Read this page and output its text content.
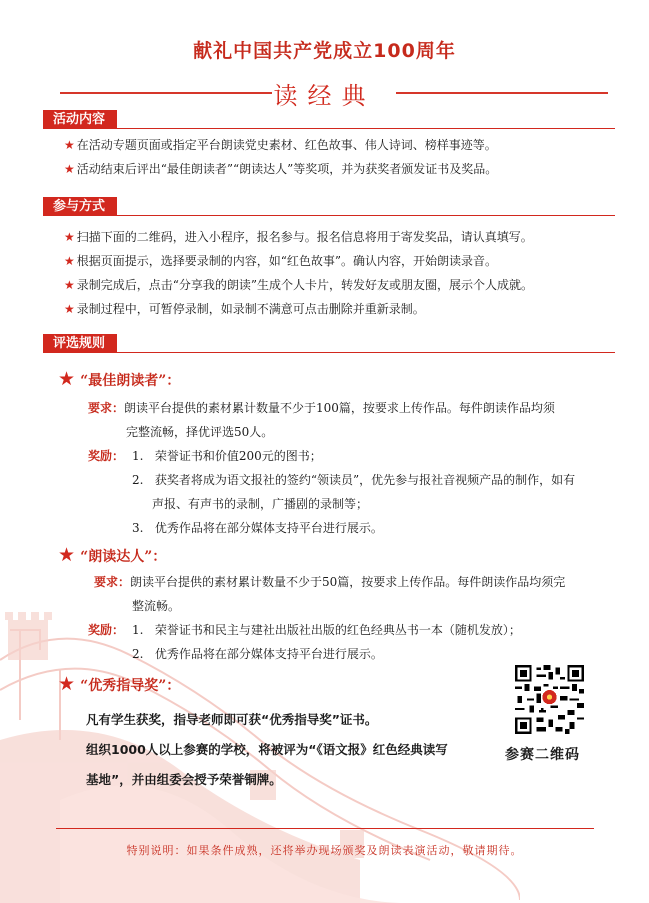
献礼中国共产党成立100周年
读经典
活动内容
★ 在活动专题页面或指定平台朗读党史素材、红色故事、伟人诗词、榜样事迹等。
★ 活动结束后评出“最佳朗读者”“朗读达人”等奖项，并为获奖者颁发证书及奖品。
参与方式
★ 扫描下面的二维码，进入小程序，报名参与。报名信息将用于寄发奖品，请认真填写。
★ 根据页面提示，选择要录制的内容，如“红色故事”。确认内容，开始朗读录音。
★ 录制完成后，点击“分享我的朗读”生成个人卡片，转发好友或朋友圈，展示个人成就。
★ 录制过程中，可暂停录制，如录制不满意可点击删除并重新录制。
评选规则
★ “最佳朗读者”：
要求：朗读平台提供的素材累计数量不少于100篇，按要求上传作品。每件朗读作品均须
完整流畅，择优评选50人。
奖励： 1. 荣誉证书和价值200元的图书；
2. 获奖者将成为语文报社的签约“领读员”，优先参与报社音视频产品的制作，如有
声报、有声书的录制，广播剧的录制等；
3. 优秀作品将在部分媒体支持平台进行展示。
★ “朗读达人”：
要求：朗读平台提供的素材累计数量不少于50篇，按要求上传作品。每件朗读作品均须完
整流畅。
奖励： 1. 荣誉证书和民主与建社出版社出版的红色经典丛书一本（随机发放）；
2. 优秀作品将在部分媒体支持平台进行展示。
★ “优秀指导奖”：
凡有学生获奖，指导老师即可获“优秀指导奖”证书。
组织1000人以上参赛的学校，将被评为“《语文报》红色经典读写
基地”，并由组委会授予荣誉铜牌。
参赛二维码
特别说明：如果条件成熟，还将举办现场颁奖及朗读表演活动，敬请期待。
